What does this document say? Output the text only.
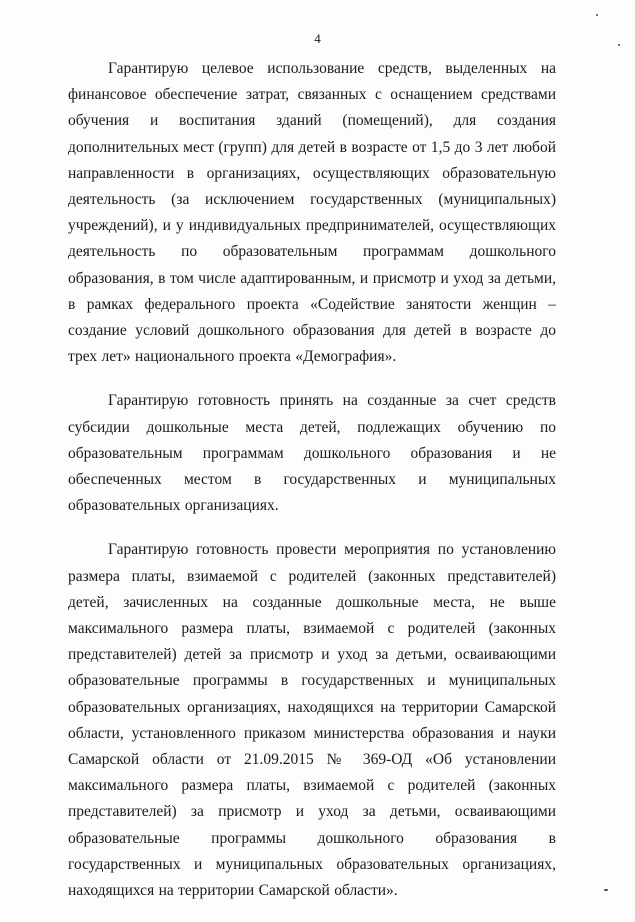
4

Гарантирую целевое использование средств, выделенных на финансовое обеспечение затрат, связанных с оснащением средствами обучения и воспитания зданий (помещений), для создания дополнительных мест (групп) для детей в возрасте от 1,5 до 3 лет любой направленности в организациях, осуществляющих образовательную деятельность (за исключением государственных (муниципальных) учреждений), и у индивидуальных предпринимателей, осуществляющих деятельность по образовательным программам дошкольного образования, в том числе адаптированным, и присмотр и уход за детьми, в рамках федерального проекта «Содействие занятости женщин – создание условий дошкольного образования для детей в возрасте до трех лет» национального проекта «Демография».

Гарантирую готовность принять на созданные за счет средств субсидии дошкольные места детей, подлежащих обучению по образовательным программам дошкольного образования и не обеспеченных местом в государственных и муниципальных образовательных организациях.

Гарантирую готовность провести мероприятия по установлению размера платы, взимаемой с родителей (законных представителей) детей, зачисленных на созданные дошкольные места, не выше максимального размера платы, взимаемой с родителей (законных представителей) детей за присмотр и уход за детьми, осваивающими образовательные программы в государственных и муниципальных образовательных организациях, находящихся на территории Самарской области, установленного приказом министерства образования и науки Самарской области от 21.09.2015 № 369-ОД «Об установлении максимального размера платы, взимаемой с родителей (законных представителей) за присмотр и уход за детьми, осваивающими образовательные программы дошкольного образования в государственных и муниципальных образовательных организациях, находящихся на территории Самарской области».
